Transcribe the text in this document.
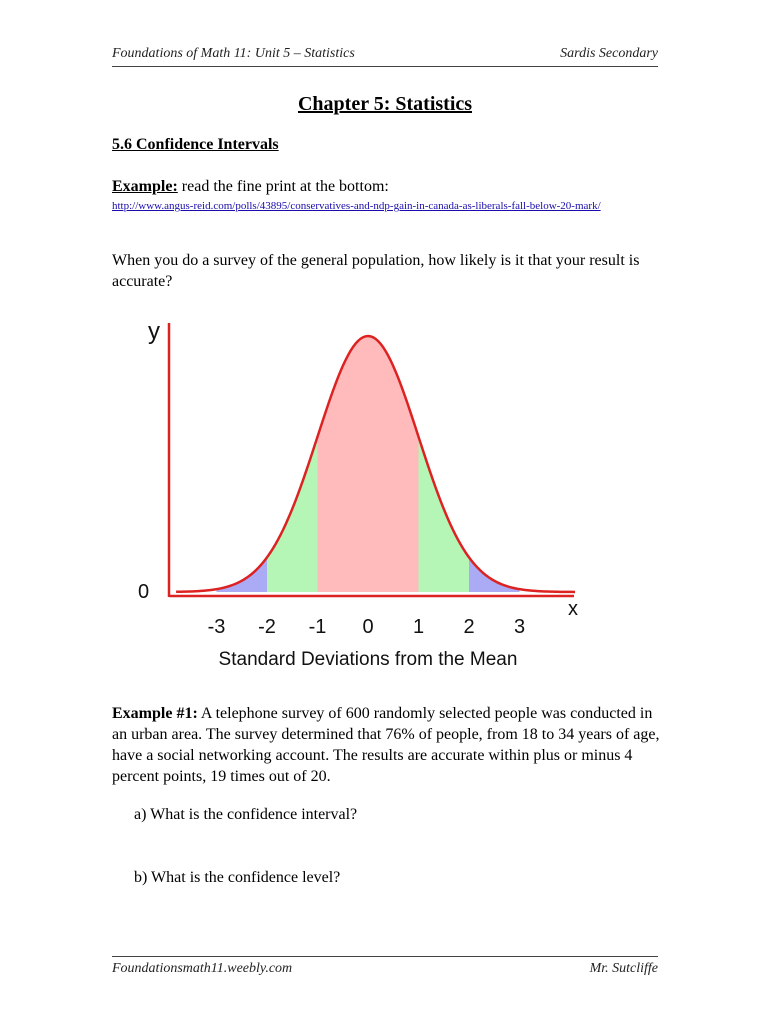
Foundations of Math 11: Unit 5 – Statistics	Sardis Secondary
Chapter 5: Statistics
5.6 Confidence Intervals
Example: read the fine print at the bottom:
http://www.angus-reid.com/polls/43895/conservatives-and-ndp-gain-in-canada-as-liberals-fall-below-20-mark/
When you do a survey of the general population, how likely is it that your result is accurate?
y
x
0
-3 -2 -1 0 1 2 3
Standard Deviations from the Mean
Example #1: A telephone survey of 600 randomly selected people was conducted in an urban area. The survey determined that 76% of people, from 18 to 34 years of age, have a social networking account. The results are accurate within plus or minus 4 percent points, 19 times out of 20.
a) What is the confidence interval?
b) What is the confidence level?
Foundationsmath11.weebly.com	Mr. Sutcliffe
